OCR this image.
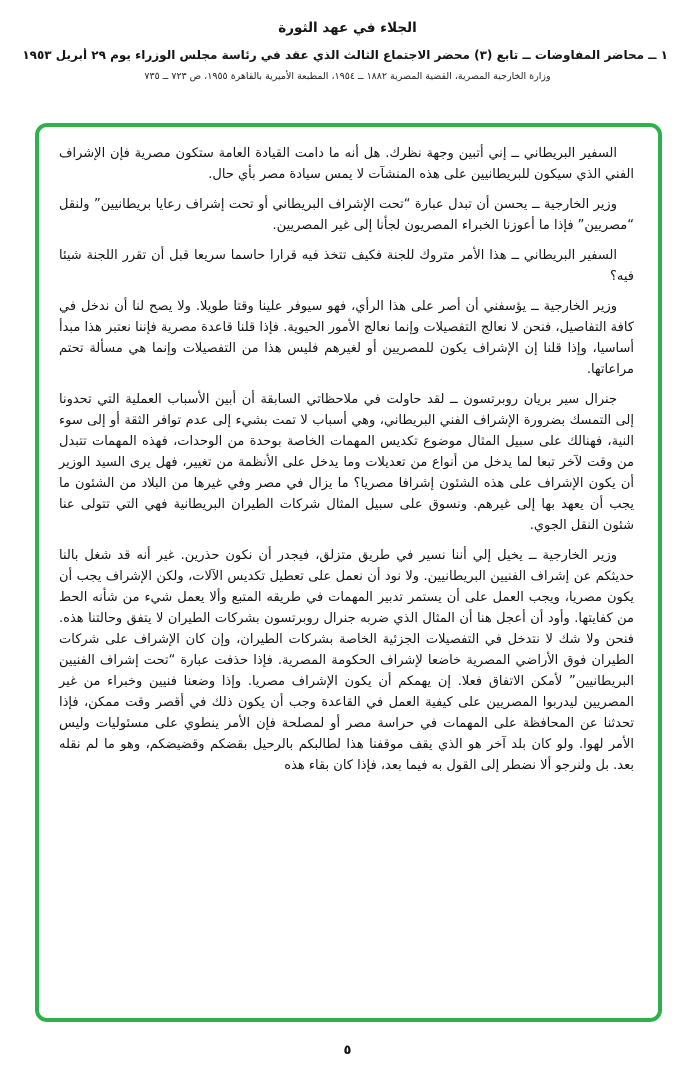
الجلاء في عهد الثورة
١ ــ محاضر المفاوضات ــ تابع (٣) محضر الاجتماع الثالث الذي عقد في رئاسة مجلس الوزراء يوم ٢٩ أبريل ١٩٥٣
وزارة الخارجية المصرية، القضية المصرية ١٨٨٢ ــ ١٩٥٤، المطبعة الأميرية بالقاهرة ١٩٥٥، ص ٧٢٣ ــ ٧٣٥

السفير البريطاني ــ إني أتبين وجهة نظرك. هل أنه ما دامت القيادة العامة ستكون مصرية فإن الإشراف الفني الذي سيكون للبريطانيين على هذه المنشآت لا يمس سيادة مصر بأي حال.

وزير الخارجية ــ يحسن أن تبدل عبارة “تحت الإشراف البريطاني أو تحت إشراف رعايا بريطانيين” ولنقل “مصريين” فإذا ما أعوزنا الخبراء المصريون لجأنا إلى غير المصريين.

السفير البريطاني ــ هذا الأمر متروك للجنة فكيف تتخذ فيه قرارا حاسما سريعا قبل أن تقرر اللجنة شيئا فيه؟

وزير الخارجية ــ يؤسفني أن أصر على هذا الرأي، فهو سيوفر علينا وقتا طويلا. ولا يصح لنا أن ندخل في كافة التفاصيل، فنحن لا نعالج التفصيلات وإنما نعالج الأمور الحيوية. فإذا قلنا قاعدة مصرية فإننا نعتبر هذا مبدأ أساسيا، وإذا قلنا إن الإشراف يكون للمصريين أو لغيرهم فليس هذا من التفصيلات وإنما هي مسألة تحتم مراعاتها.

جنرال سير بريان روبرتسون ــ لقد حاولت في ملاحظاتي السابقة أن أبين الأسباب العملية التي تحدونا إلى التمسك بضرورة الإشراف الفني البريطاني، وهي أسباب لا تمت بشيء إلى عدم توافر الثقة أو إلى سوء النية، فهنالك على سبيل المثال موضوع تكديس المهمات الخاصة بوحدة من الوحدات، فهذه المهمات تتبدل من وقت لآخر تبعا لما يدخل من أنواع من تعديلات وما يدخل على الأنظمة من تغيير، فهل يرى السيد الوزير أن يكون الإشراف على هذه الشئون إشرافا مصريا؟ ما يزال في مصر وفي غيرها من البلاد من الشئون ما يجب أن يعهد بها إلى غيرهم. ونسوق على سبيل المثال شركات الطيران البريطانية فهي التي تتولى عنا شئون النقل الجوي.

وزير الخارجية ــ يخيل إلي أننا نسير في طريق متزلق، فيجدر أن نكون حذرين. غير أنه قد شغل بالنا حديثكم عن إشراف الفنيين البريطانيين. ولا نود أن نعمل على تعطيل تكديس الآلات، ولكن الإشراف يجب أن يكون مصريا، ويجب العمل على أن يستمر تدبير المهمات في طريقه المتبع وألا يعمل شيء من شأنه الحط من كفايتها. وأود أن أعجل هنا أن المثال الذي ضربه جنرال روبرتسون بشركات الطيران لا يتفق وحالتنا هذه. فنحن ولا شك لا نتدخل في التفصيلات الجزئية الخاصة بشركات الطيران، وإن كان الإشراف على شركات الطيران فوق الأراضي المصرية خاضعا لإشراف الحكومة المصرية. فإذا حذفت عبارة “تحت إشراف الفنيين البريطانيين” لأمكن الاتفاق فعلا. إن يهمكم أن يكون الإشراف مصريا. وإذا وضعنا فنيين وخبراء من غير المصريين ليدربوا المصريين على كيفية العمل في القاعدة وجب أن يكون ذلك في أقصر وقت ممكن، فإذا تحدثنا عن المحافظة على المهمات في حراسة مصر أو لمصلحة فإن الأمر ينطوي على مسئوليات وليس الأمر لهوا. ولو كان بلد آخر هو الذي يقف موقفنا هذا لطالبكم بالرحيل بقضكم وقضيضكم، وهو ما لم نقله بعد. بل ولنرجو ألا نضطر إلى القول به فيما بعد، فإذا كان بقاء هذه

٥
